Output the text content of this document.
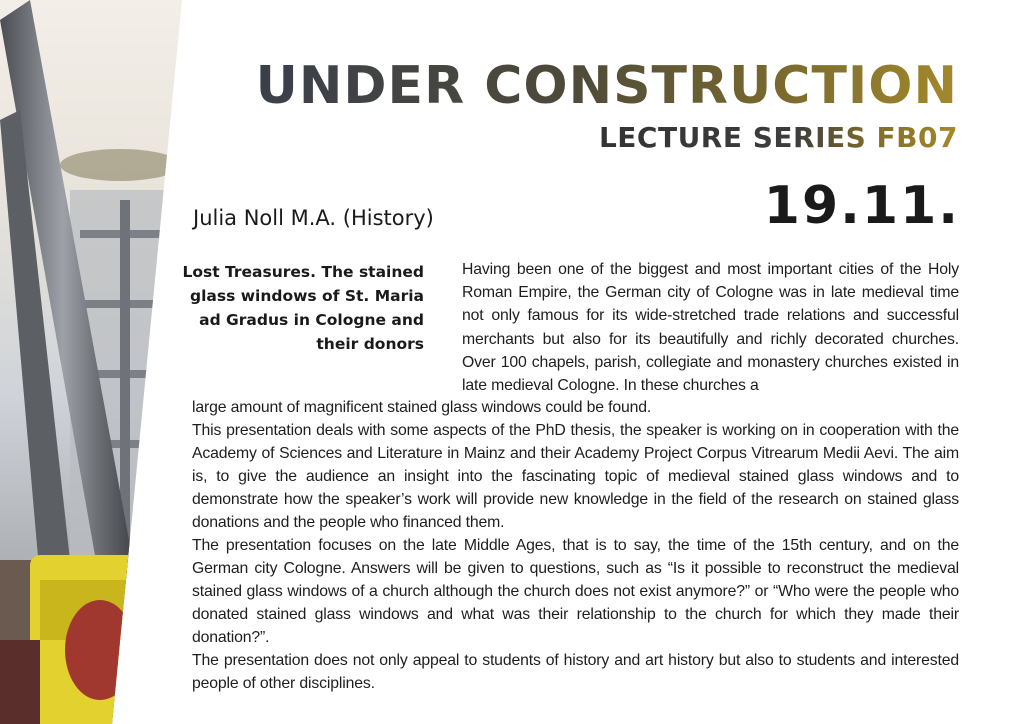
UNDER CONSTRUCTION
LECTURE SERIES FB07
19.11.
Julia Noll M.A. (History)
Lost Treasures. The stained glass windows of St. Maria ad Gradus in Cologne and their donors
Having been one of the biggest and most important cities of the Holy Roman Empire, the German city of Cologne was in late medieval time not only famous for its wide-stretched trade relations and successful merchants but also for its beautifully and richly decorated churches. Over 100 chapels, parish, collegiate and monastery churches existed in late medieval Cologne. In these churches a

large amount of magnificent stained glass windows could be found.

This presentation deals with some aspects of the PhD thesis, the speaker is working on in cooperation with the Academy of Sciences and Literature in Mainz and their Academy Project Corpus Vitrearum Medii Aevi. The aim is, to give the audience an insight into the fascinating topic of medieval stained glass windows and to demonstrate how the speaker’s work will provide new knowledge in the field of the research on stained glass donations and the people who financed them.

The presentation focuses on the late Middle Ages, that is to say, the time of the 15th century, and on the German city Cologne. Answers will be given to questions, such as “Is it possible to reconstruct the medieval stained glass windows of a church although the church does not exist anymore?” or “Who were the people who donated stained glass windows and what was their relationship to the church for which they made their donation?”.

The presentation does not only appeal to students of history and art history but also to students and interested people of other disciplines.
